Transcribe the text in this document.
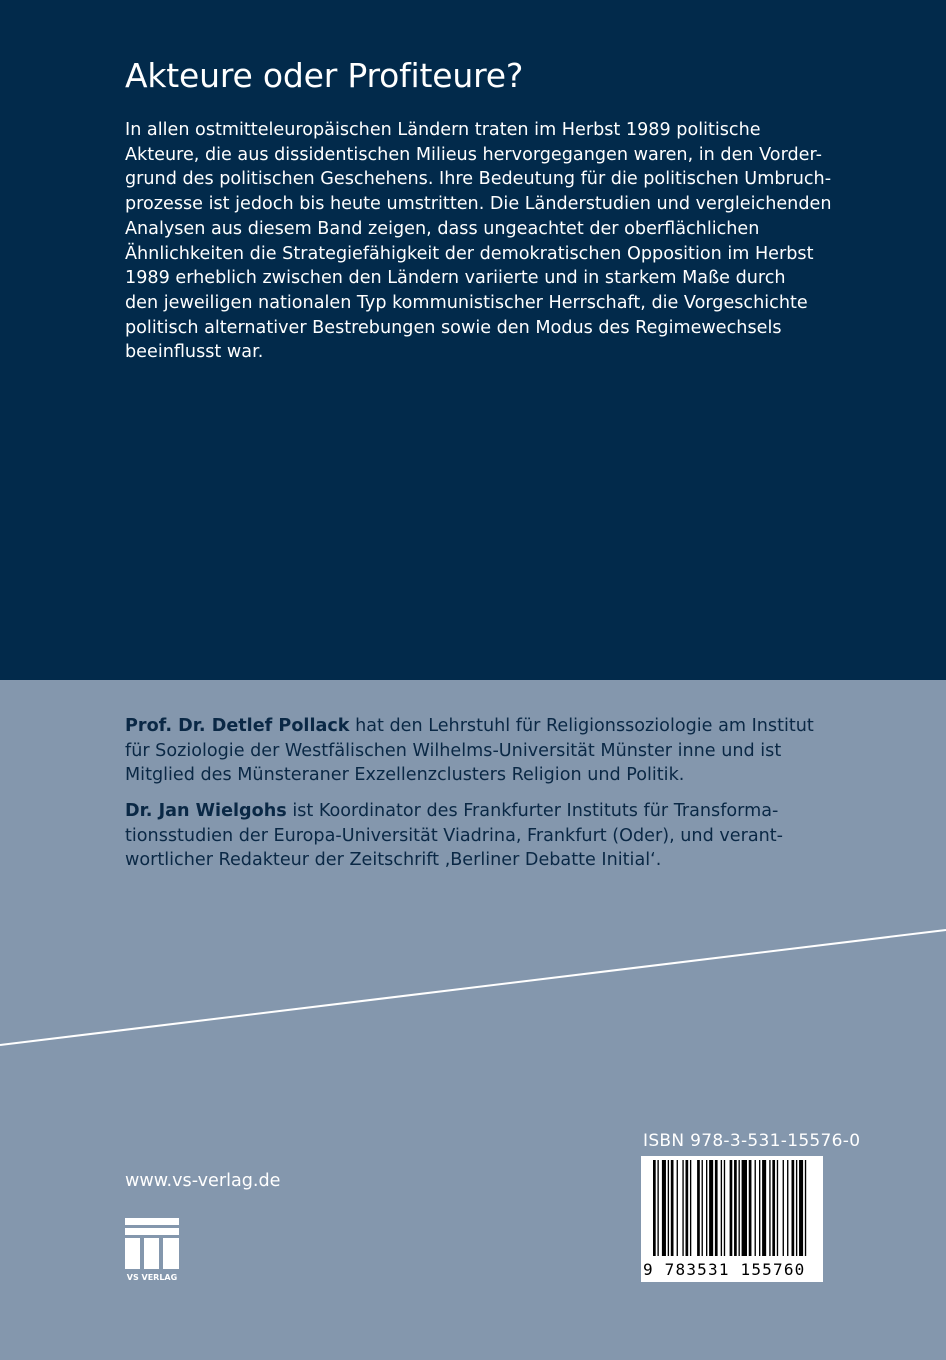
Akteure oder Profiteure?

In allen ostmitteleuropäischen Ländern traten im Herbst 1989 politische
Akteure, die aus dissidentischen Milieus hervorgegangen waren, in den Vorder-
grund des politischen Geschehens. Ihre Bedeutung für die politischen Umbruch-
prozesse ist jedoch bis heute umstritten. Die Länderstudien und vergleichenden
Analysen aus diesem Band zeigen, dass ungeachtet der oberflächlichen
Ähnlichkeiten die Strategiefähigkeit der demokratischen Opposition im Herbst
1989 erheblich zwischen den Ländern variierte und in starkem Maße durch
den jeweiligen nationalen Typ kommunistischer Herrschaft, die Vorgeschichte
politisch alternativer Bestrebungen sowie den Modus des Regimewechsels
beeinflusst war.

Prof. Dr. Detlef Pollack hat den Lehrstuhl für Religionssoziologie am Institut
für Soziologie der Westfälischen Wilhelms-Universität Münster inne und ist
Mitglied des Münsteraner Exzellenzclusters Religion und Politik.

Dr. Jan Wielgohs ist Koordinator des Frankfurter Instituts für Transforma-
tionsstudien der Europa-Universität Viadrina, Frankfurt (Oder), und verant-
wortlicher Redakteur der Zeitschrift ‚Berliner Debatte Initial‘.

www.vs-verlag.de
VS VERLAG
ISBN 978-3-531-15576-0
9 783531 155760
